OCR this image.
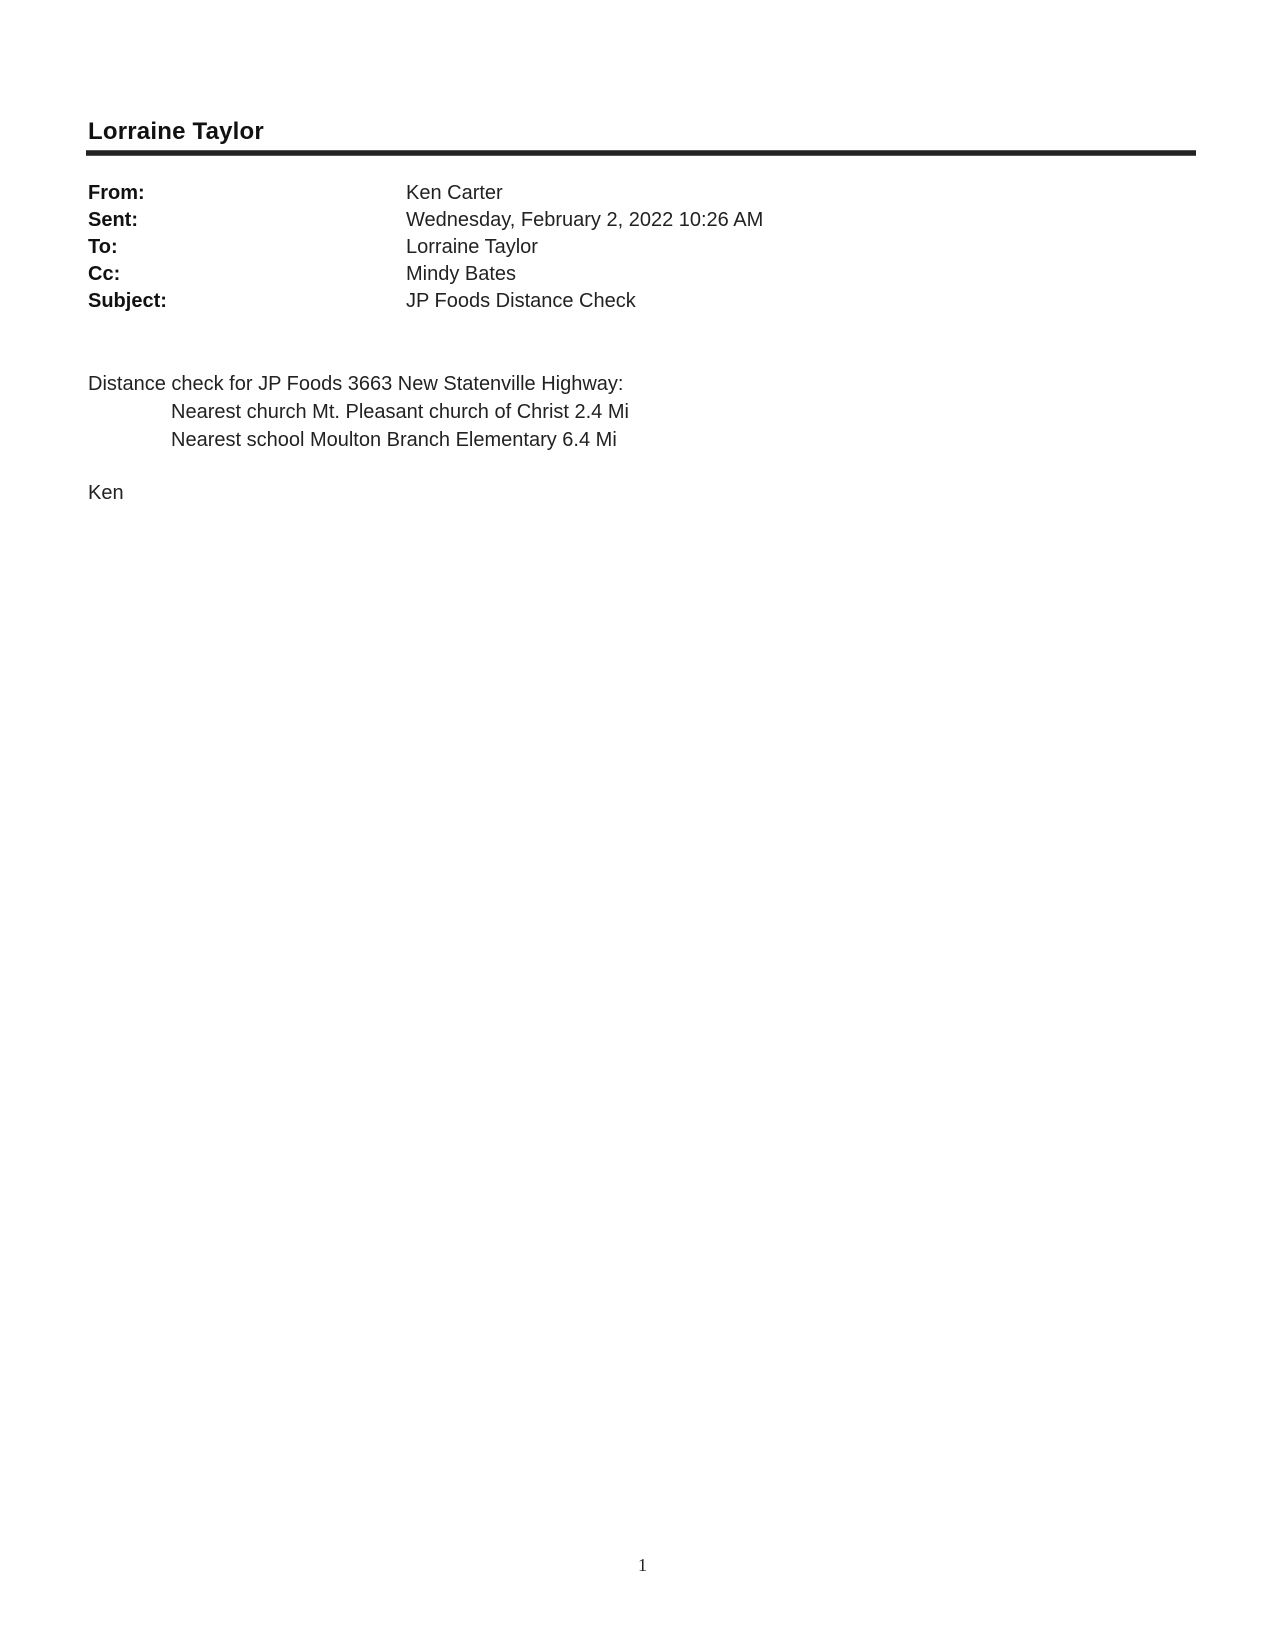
Lorraine Taylor
From:	Ken Carter
Sent:	Wednesday, February 2, 2022 10:26 AM
To:	Lorraine Taylor
Cc:	Mindy Bates
Subject:	JP Foods Distance Check
Distance check for JP Foods 3663 New Statenville Highway:
Nearest church Mt. Pleasant church of Christ 2.4 Mi
Nearest school Moulton Branch Elementary 6.4 Mi
Ken
1
